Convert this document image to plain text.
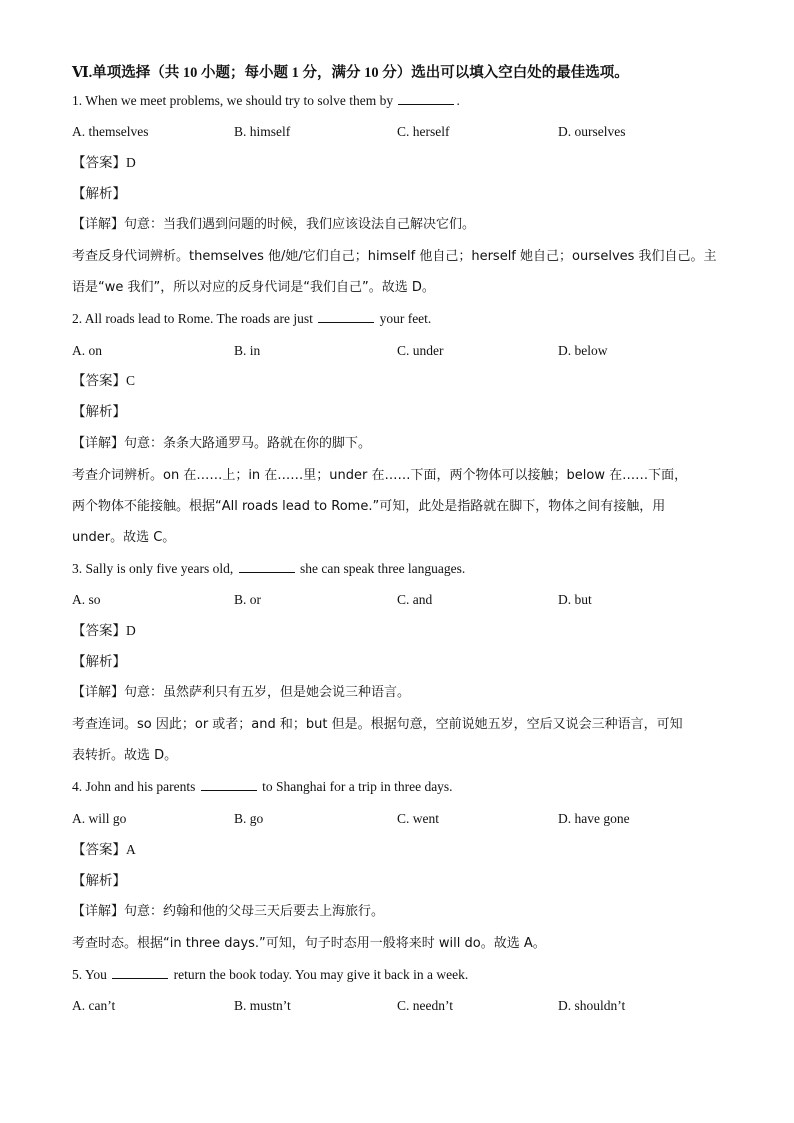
Ⅵ.单项选择（共 10 小题；每小题 1 分，满分 10 分）选出可以填入空白处的最佳选项。
1. When we meet problems, we should try to solve them by	.
A. themselves	B. himself	C. herself	D. ourselves
【答案】D
【解析】
【详解】句意：当我们遇到问题的时候，我们应该设法自己解决它们。
考查反身代词辨析。themselves 他/她/它们自己；himself 他自己；herself 她自己；ourselves 我们自己。主
语是“we 我们”，所以对应的反身代词是“我们自己”。故选 D。
2. All roads lead to Rome. The roads are just	your feet.
A. on	B. in	C. under	D. below
【答案】C
【解析】
【详解】句意：条条大路通罗马。路就在你的脚下。
考查介词辨析。on 在……上；in 在……里；under 在……下面，两个物体可以接触；below 在……下面，
两个物体不能接触。根据“All roads lead to Rome.”可知，此处是指路就在脚下，物体之间有接触，用
under。故选 C。
3. Sally is only five years old,	she can speak three languages.
A. so	B. or	C. and	D. but
【答案】D
【解析】
【详解】句意：虽然萨利只有五岁，但是她会说三种语言。
考查连词。so 因此；or 或者；and 和；but 但是。根据句意，空前说她五岁，空后又说会三种语言，可知
表转折。故选 D。
4. John and his parents	to Shanghai for a trip in three days.
A. will go	B. go	C. went	D. have gone
【答案】A
【解析】
【详解】句意：约翰和他的父母三天后要去上海旅行。
考查时态。根据“in three days.”可知，句子时态用一般将来时 will do。故选 A。
5. You	return the book today. You may give it back in a week.
A. can’t	B. mustn’t	C. needn’t	D. shouldn’t
